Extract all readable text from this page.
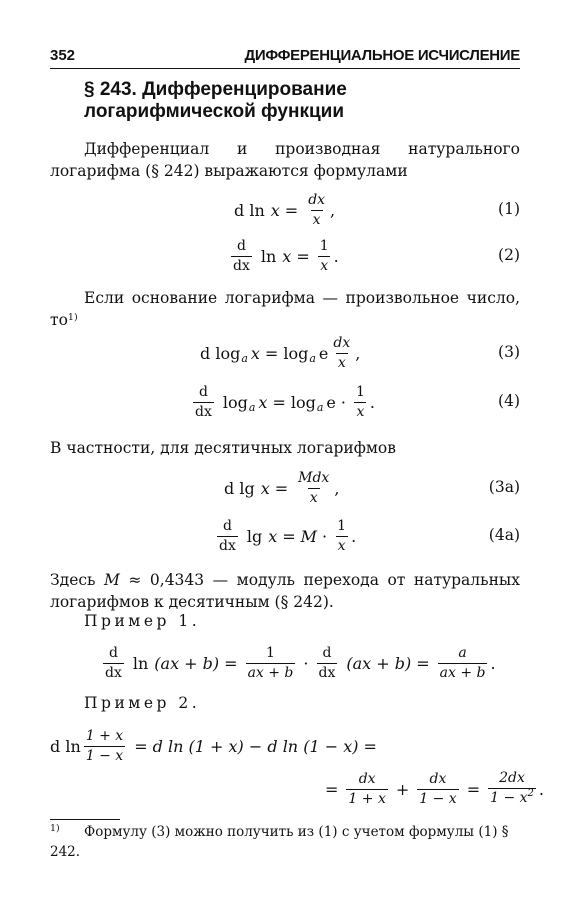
352	ДИФФЕРЕНЦИАЛЬНОЕ ИСЧИСЛЕНИЕ
§ 243. Дифференцирование
логарифмической функции
Дифференциал и производная натурального логарифма (§ 242) выражаются формулами
d $\ln x = \frac{dx}{x}$ ,	(1)
$\frac{d}{dx}$ $\ln x = \frac{1}{x}$ .	(2)
Если основание логарифма — произвольное число, то$^{1)}$
d log a x = log a e $\frac{dx}{x}$ ,	(3)
$\frac{d}{dx}$ log a x = log a $e \cdot \frac{1}{x}$ .	(4)
В частности, для десятичных логарифмов
d $\lg x = \frac{\text{Mdx}}{x}$ ,	(3a)
$\frac{d}{dx}$ $\lg x = M \cdot \frac{1}{x}$ .	(4a)
Здесь M ≈ 0,4343 — модуль перехода от натуральных логарифмов к десятичным (§ 242).
Пример 1.
$\frac{d}{dx}$ $\ln (ax + b) = \frac{1}{ax + b} \cdot \frac{d}{dx} (ax + b) = \frac{a}{ax + b}$ .
Пример 2.
d $\ln \frac{1 + x}{1 - x} = d$ ln (1 + x) − d ln (1 − x) =
= $\frac{dx}{1 + x} + \frac{dx}{1 - x} = \frac{2dx}{1 - x^2}$ .
$^{1)}$ Формулу (3) можно получить из (1) с учетом формулы (1) § 242.
